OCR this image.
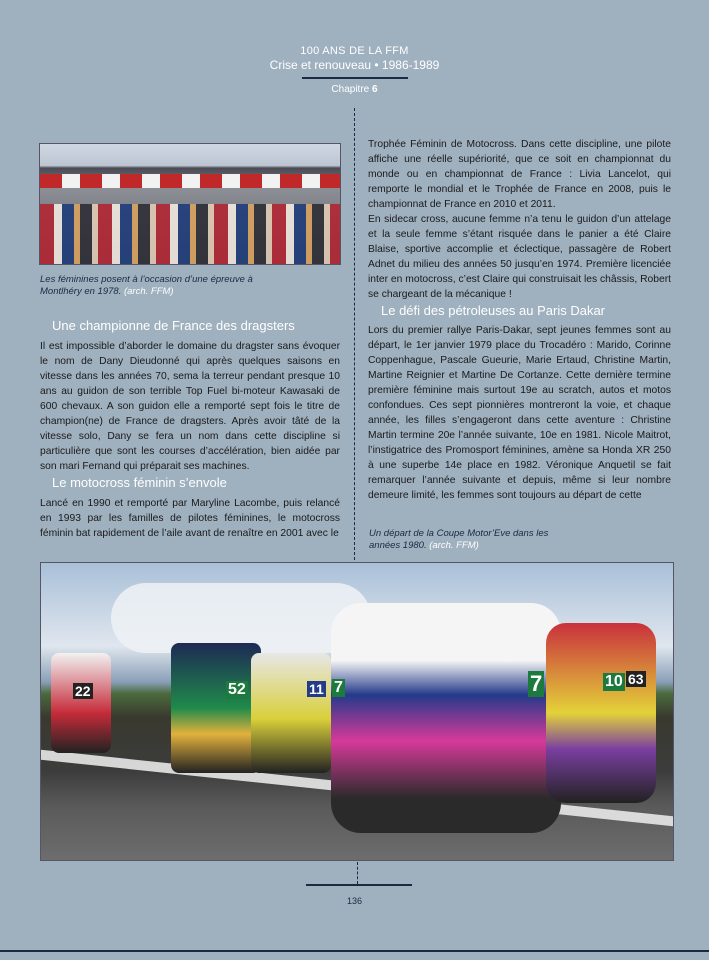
100 ANS DE LA FFM
Crise et renouveau • 1986-1989
Chapitre 6
Les féminines posent à l’occasion d’une épreuve à Montlhéry en 1978. (arch. FFM)
Une championne de France des dragsters

Il est impossible d’aborder le domaine du dragster sans évoquer le nom de Dany Dieudonné qui après quelques saisons en vitesse dans les années 70, sema la terreur pendant presque 10 ans au guidon de son terrible Top Fuel bi-moteur Kawasaki de 600 chevaux. A son guidon elle a remporté sept fois le titre de champion(ne) de France de dragsters. Après avoir tâté de la vitesse solo, Dany se fera un nom dans cette discipline si particulière que sont les courses d’accélération, bien aidée par son mari Fernand qui préparait ses machines.

Le motocross féminin s’envole

Lancé en 1990 et remporté par Maryline Lacombe, puis relancé en 1993 par les familles de pilotes féminines, le motocross féminin bat rapidement de l’aile avant de renaître en 2001 avec le

Trophée Féminin de Motocross. Dans cette discipline, une pilote affiche une réelle supériorité, que ce soit en championnat du monde ou en championnat de France : Livia Lancelot, qui remporte le mondial et le Trophée de France en 2008, puis le championnat de France en 2010 et 2011.

En sidecar cross, aucune femme n’a tenu le guidon d’un attelage et la seule femme s’étant risquée dans le panier a été Claire Blaise, sportive accomplie et éclectique, passagère de Robert Adnet du milieu des années 50 jusqu’en 1974. Première licenciée inter en motocross, c’est Claire qui construisait les châssis, Robert se chargeant de la mécanique !

Le défi des pétroleuses au Paris Dakar

Lors du premier rallye Paris-Dakar, sept jeunes femmes sont au départ, le 1er janvier 1979 place du Trocadéro : Marido, Corinne Coppenhague, Pascale Gueurie, Marie Ertaud, Christine Martin, Martine Reignier et Martine De Cortanze. Cette dernière termine première féminine mais surtout 19e au scratch, autos et motos confondues. Ces sept pionnières montreront la voie, et chaque année, les filles s’engageront dans cette aventure : Christine Martin termine 20e l’année suivante, 10e en 1981. Nicole Maitrot, l’instigatrice des Promosport féminines, amène sa Honda XR 250 à une superbe 14e place en 1982. Véronique Anquetil se fait remarquer l’année suivante et depuis, même si leur nombre demeure limité, les femmes sont toujours au départ de cette

Un départ de la Coupe Motor’Eve dans les années 1980. (arch. FFM)
22	52	11 7	7	10 63
136
